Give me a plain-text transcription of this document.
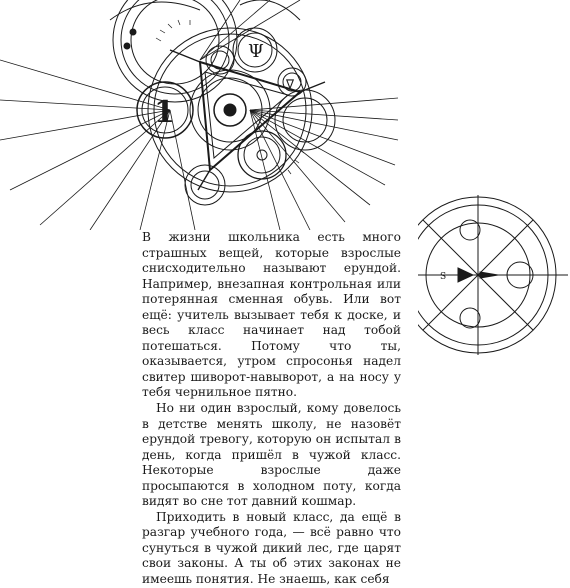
1
Ψ
∇
S

В жизни школьника есть много страшных вещей, которые взрослые снисходительно называют ерундой. Например, внезапная контрольная или потерянная сменная обувь. Или вот ещё: учитель вызывает тебя к доске, и весь класс начинает над тобой потешаться. Потому что ты, оказывается, утром спросонья надел свитер шиворот-навыворот, а на носу у тебя чернильное пятно.

Но ни один взрослый, кому довелось в детстве менять школу, не назовёт ерундой тревогу, которую он испытал в день, когда пришёл в чужой класс. Некоторые взрослые даже просыпаются в холодном поту, когда видят во сне тот давний кошмар.

Приходить в новый класс, да ещё в разгар учебного года, — всё равно что сунуться в чужой дикий лес, где царят свои законы. А ты об этих законах не имеешь понятия. Не знаешь, как себя
